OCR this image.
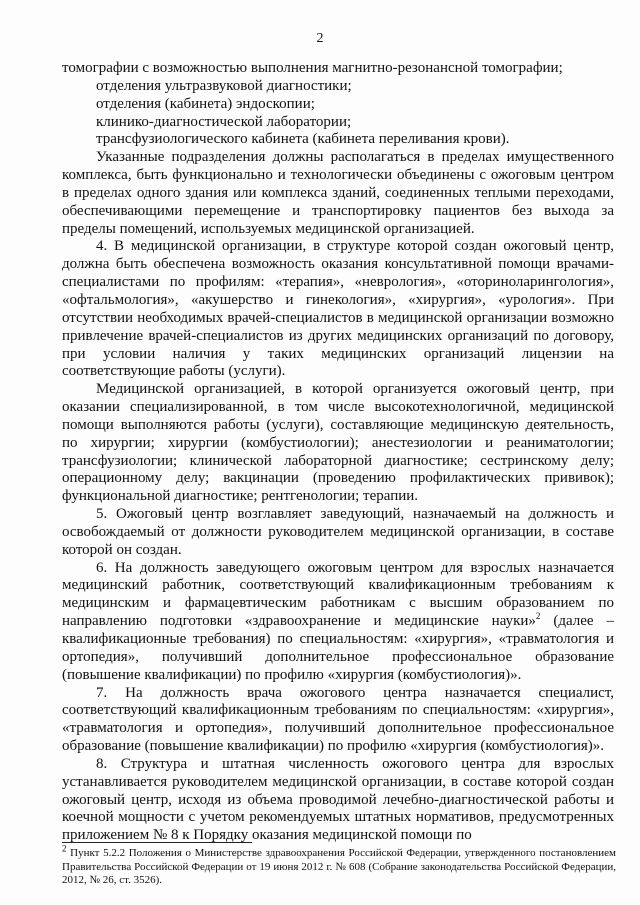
2

томографии с возможностью выполнения магнитно-резонансной томографии;

отделения ультразвуковой диагностики;

отделения (кабинета) эндоскопии;

клинико-диагностической лаборатории;

трансфузиологического кабинета (кабинета переливания крови).

Указанные подразделения должны располагаться в пределах имущественного комплекса, быть функционально и технологически объединены с ожоговым центром в пределах одного здания или комплекса зданий, соединенных теплыми переходами, обеспечивающими перемещение и транспортировку пациентов без выхода за пределы помещений, используемых медицинской организацией.

4. В медицинской организации, в структуре которой создан ожоговый центр, должна быть обеспечена возможность оказания консультативной помощи врачами-специалистами по профилям: «терапия», «неврология», «оториноларингология», «офтальмология», «акушерство и гинекология», «хирургия», «урология». При отсутствии необходимых врачей-специалистов в медицинской организации возможно привлечение врачей-специалистов из других медицинских организаций по договору, при условии наличия у таких медицинских организаций лицензии на соответствующие работы (услуги).

Медицинской организацией, в которой организуется ожоговый центр, при оказании специализированной, в том числе высокотехнологичной, медицинской помощи выполняются работы (услуги), составляющие медицинскую деятельность, по хирургии; хирургии (комбустиологии); анестезиологии и реаниматологии; трансфузиологии; клинической лабораторной диагностике; сестринскому делу; операционному делу; вакцинации (проведению профилактических прививок); функциональной диагностике; рентгенологии; терапии.

5. Ожоговый центр возглавляет заведующий, назначаемый на должность и освобождаемый от должности руководителем медицинской организации, в составе которой он создан.

6. На должность заведующего ожоговым центром для взрослых назначается медицинский работник, соответствующий квалификационным требованиям к медицинским и фармацевтическим работникам с высшим образованием по направлению подготовки «здравоохранение и медицинские науки»$^2$ (далее – квалификационные требования) по специальностям: «хирургия», «травматология и ортопедия», получивший дополнительное профессиональное образование (повышение квалификации) по профилю «хирургия (комбустиология)».

7. На должность врача ожогового центра назначается специалист, соответствующий квалификационным требованиям по специальностям: «хирургия», «травматология и ортопедия», получивший дополнительное профессиональное образование (повышение квалификации) по профилю «хирургия (комбустиология)».

8. Структура и штатная численность ожогового центра для взрослых устанавливается руководителем медицинской организации, в составе которой создан ожоговый центр, исходя из объема проводимой лечебно-диагностической работы и коечной мощности с учетом рекомендуемых штатных нормативов, предусмотренных приложением № 8 к Порядку оказания медицинской помощи по

$^2$ Пункт 5.2.2 Положения о Министерстве здравоохранения Российской Федерации, утвержденного постановлением Правительства Российской Федерации от 19 июня 2012 г. № 608 (Собрание законодательства Российской Федерации, 2012, № 26, ст. 3526).
